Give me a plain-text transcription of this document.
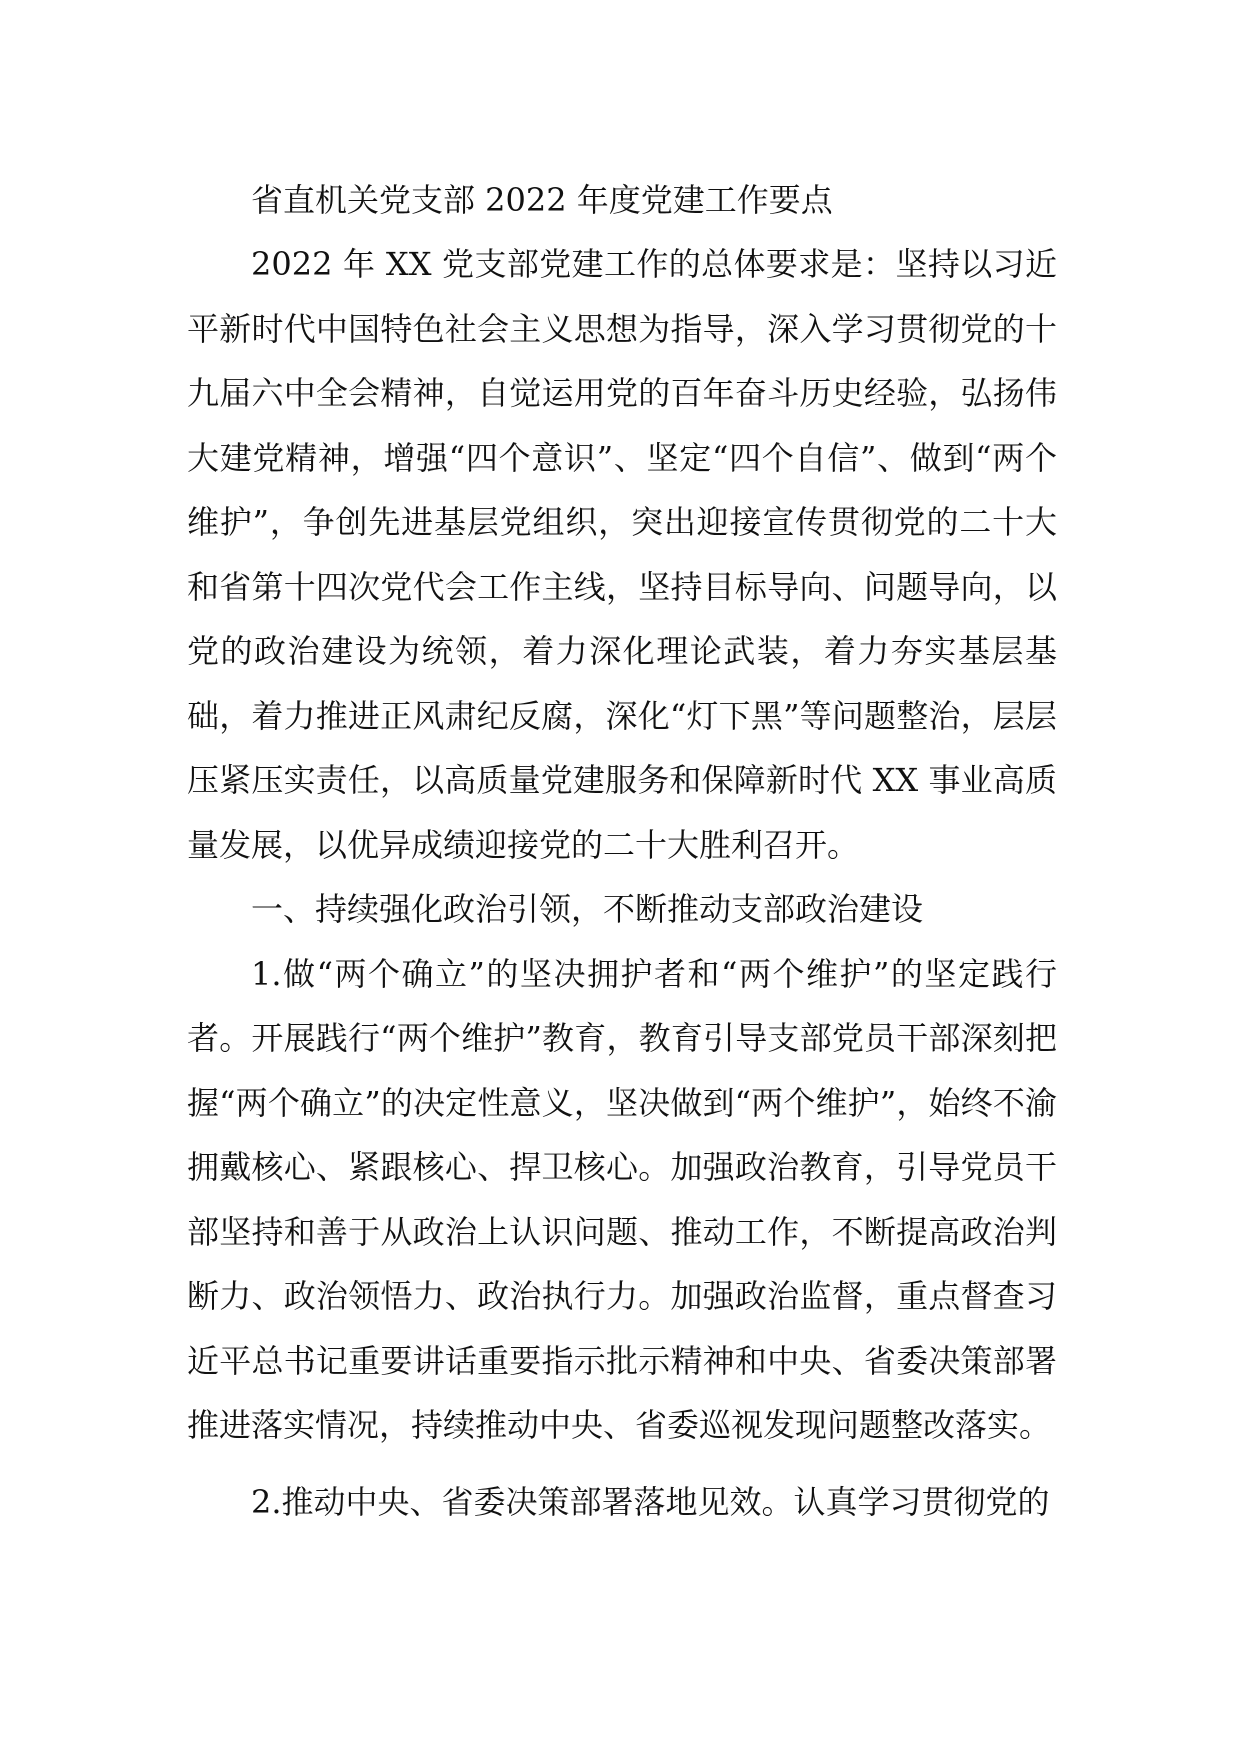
省直机关党支部 2022 年度党建工作要点

2022 年 XX 党支部党建工作的总体要求是：坚持以习近平新时代中国特色社会主义思想为指导，深入学习贯彻党的十九届六中全会精神，自觉运用党的百年奋斗历史经验，弘扬伟大建党精神，增强“四个意识”、坚定“四个自信”、做到“两个维护”，争创先进基层党组织，突出迎接宣传贯彻党的二十大和省第十四次党代会工作主线，坚持目标导向、问题导向，以党的政治建设为统领，着力深化理论武装，着力夯实基层基础，着力推进正风肃纪反腐，深化“灯下黑”等问题整治，层层压紧压实责任，以高质量党建服务和保障新时代 XX 事业高质量发展，以优异成绩迎接党的二十大胜利召开。

一、持续强化政治引领，不断推动支部政治建设

1.做“两个确立”的坚决拥护者和“两个维护”的坚定践行者。开展践行“两个维护”教育，教育引导支部党员干部深刻把握“两个确立”的决定性意义，坚决做到“两个维护”，始终不渝拥戴核心、紧跟核心、捍卫核心。加强政治教育，引导党员干部坚持和善于从政治上认识问题、推动工作，不断提高政治判断力、政治领悟力、政治执行力。加强政治监督，重点督查习近平总书记重要讲话重要指示批示精神和中央、省委决策部署推进落实情况，持续推动中央、省委巡视发现问题整改落实。

2.推动中央、省委决策部署落地见效。认真学习贯彻党的
